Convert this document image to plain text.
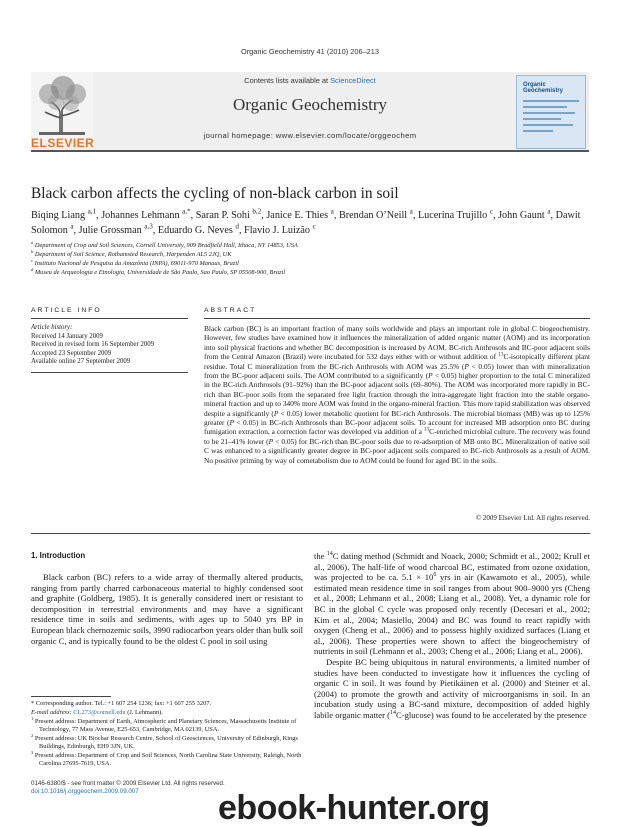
Organic Geochemistry 41 (2010) 206–213
ELSEVIER
Contents lists available at ScienceDirect
Organic Geochemistry
journal homepage: www.elsevier.com/locate/orggeochem
Organic Geochemistry
Black carbon affects the cycling of non-black carbon in soil
Biqing Liang $^{a,1}$, Johannes Lehmann $^{a,*}$, Saran P. Sohi $^{b,2}$, Janice E. Thies $^a$, Brendan O’Neill $^a$, Lucerina Trujillo $^c$, John Gaunt $^a$, Dawit Solomon $^a$, Julie Grossman $^{a,3}$, Eduardo G. Neves $^d$, Flavio J. Luizão $^c$
$^a$ Department of Crop and Soil Sciences, Cornell University, 909 Bradfield Hall, Ithaca, NY 14853, USA
$^b$ Department of Soil Science, Rothamsted Research, Harpenden AL5 2JQ, UK
$^c$ Instituto Nacional de Pesquisa da Amazônia (INPA), 69011-970 Manaus, Brazil
$^d$ Museu de Arqueologia e Etnologia, Universidade de São Paulo, Sao Paulo, SP 05508-900, Brazil
ARTICLE INFO	ABSTRACT
Article history:
Received 14 January 2009
Received in revised form 16 September 2009
Accepted 23 September 2009
Available online 27 September 2009
Black carbon (BC) is an important fraction of many soils worldwide and plays an important role in global C biogeochemistry. However, few studies have examined how it influences the mineralization of added organic matter (AOM) and its incorporation into soil physical fractions and whether BC decomposition is increased by AOM. BC-rich Anthrosols and BC-poor adjacent soils from the Central Amazon (Brazil) were incubated for 532 days either with or without addition of $^{13}$C-isotopically different plant residue. Total C mineralization from the BC-rich Anthrosols with AOM was 25.5% (P < 0.05) lower than with mineralization from the BC-poor adjacent soils. The AOM contributed to a significantly (P < 0.05) higher proportion to the total C mineralized in the BC-rich Anthrosols (91–92%) than the BC-poor adjacent soils (69–80%). The AOM was incorporated more rapidly in BC-rich than BC-poor soils from the separated free light fraction through the intra-aggregate light fraction into the stable organo-mineral fraction and up to 340% more AOM was found in the organo-mineral fraction. This more rapid stabilization was observed despite a significantly (P < 0.05) lower metabolic quotient for BC-rich Anthrosols. The microbial biomass (MB) was up to 125% greater (P < 0.05) in BC-rich Anthrosols than BC-poor adjacent soils. To account for increased MB adsorption onto BC during fumigation extraction, a correction factor was developed via addition of a $^{13}$C-enriched microbial culture. The recovery was found to be 21–41% lower (P < 0.05) for BC-rich than BC-poor soils due to re-adsorption of MB onto BC. Mineralization of native soil C was enhanced to a significantly greater degree in BC-poor adjacent soils compared to BC-rich Anthrosols as a result of AOM. No positive priming by way of cometabolism due to AOM could be found for aged BC in the soils.
© 2009 Elsevier Ltd. All rights reserved.
1. Introduction
Black carbon (BC) refers to a wide array of thermally altered products, ranging from partly charred carbonaceous material to highly condensed soot and graphite (Goldberg, 1985). It is generally considered inert or resistant to decomposition in terrestrial environments and may have a significant residence time in soils and sediments, with ages up to 5040 yrs BP in European black chernozemic soils, 3990 radiocarbon years older than bulk soil organic C, and is typically found to be the oldest C pool in soil using

the $^{14}$C dating method (Schmidt and Noack, 2000; Schmidt et al., 2002; Krull et al., 2006). The half-life of wood charcoal BC, estimated from ozone oxidation, was projected to be ca. $5.1 \times 10^6$ yrs in air (Kawamoto et al., 2005), while estimated mean residence time in soil ranges from about 900–9000 yrs (Cheng et al., 2008; Lehmann et al., 2008; Liang et al., 2008). Yet, a dynamic role for BC in the global C cycle was proposed only recently (Decesari et al., 2002; Kim et al., 2004; Masiello, 2004) and BC was found to react rapidly with oxygen (Cheng et al., 2006) and to possess highly oxidized surfaces (Liang et al., 2006). These properties were shown to affect the biogeochemistry of nutrients in soil (Lehmann et al., 2003; Cheng et al., 2006; Liang et al., 2006).

Despite BC being ubiquitous in natural environments, a limited number of studies have been conducted to investigate how it influences the cycling of organic C in soil. It was found by Pietikäinen et al. (2000) and Steiner et al. (2004) to promote the growth and activity of microorganisms in soil. In an incubation study using a BC-sand mixture, decomposition of added highly labile organic matter ($^{14}$C-glucose) was found to be accelerated by the presence

* Corresponding author. Tel.: +1 607 254 1236; fax: +1 607 255 3207.

E-mail address: CL273@cornell.edu (J. Lehmann).

$^1$ Present address: Department of Earth, Atmospheric and Planetary Sciences, Massachusetts Institute of Technology, 77 Mass Avenue, E25-653, Cambridge, MA 02139, USA.

$^2$ Present address: UK Biochar Research Centre, School of Geosciences, University of Edinburgh, Kings Buildings, Edinburgh, EH9 3JN, UK.

$^3$ Present address: Department of Crop and Soil Sciences, North Carolina State University, Raleigh, North Carolina 27695-7619, USA.

0146-6380/$ - see front matter © 2009 Elsevier Ltd. All rights reserved.
doi:10.1016/j.orggeochem.2009.09.007	ebook-hunter.org
